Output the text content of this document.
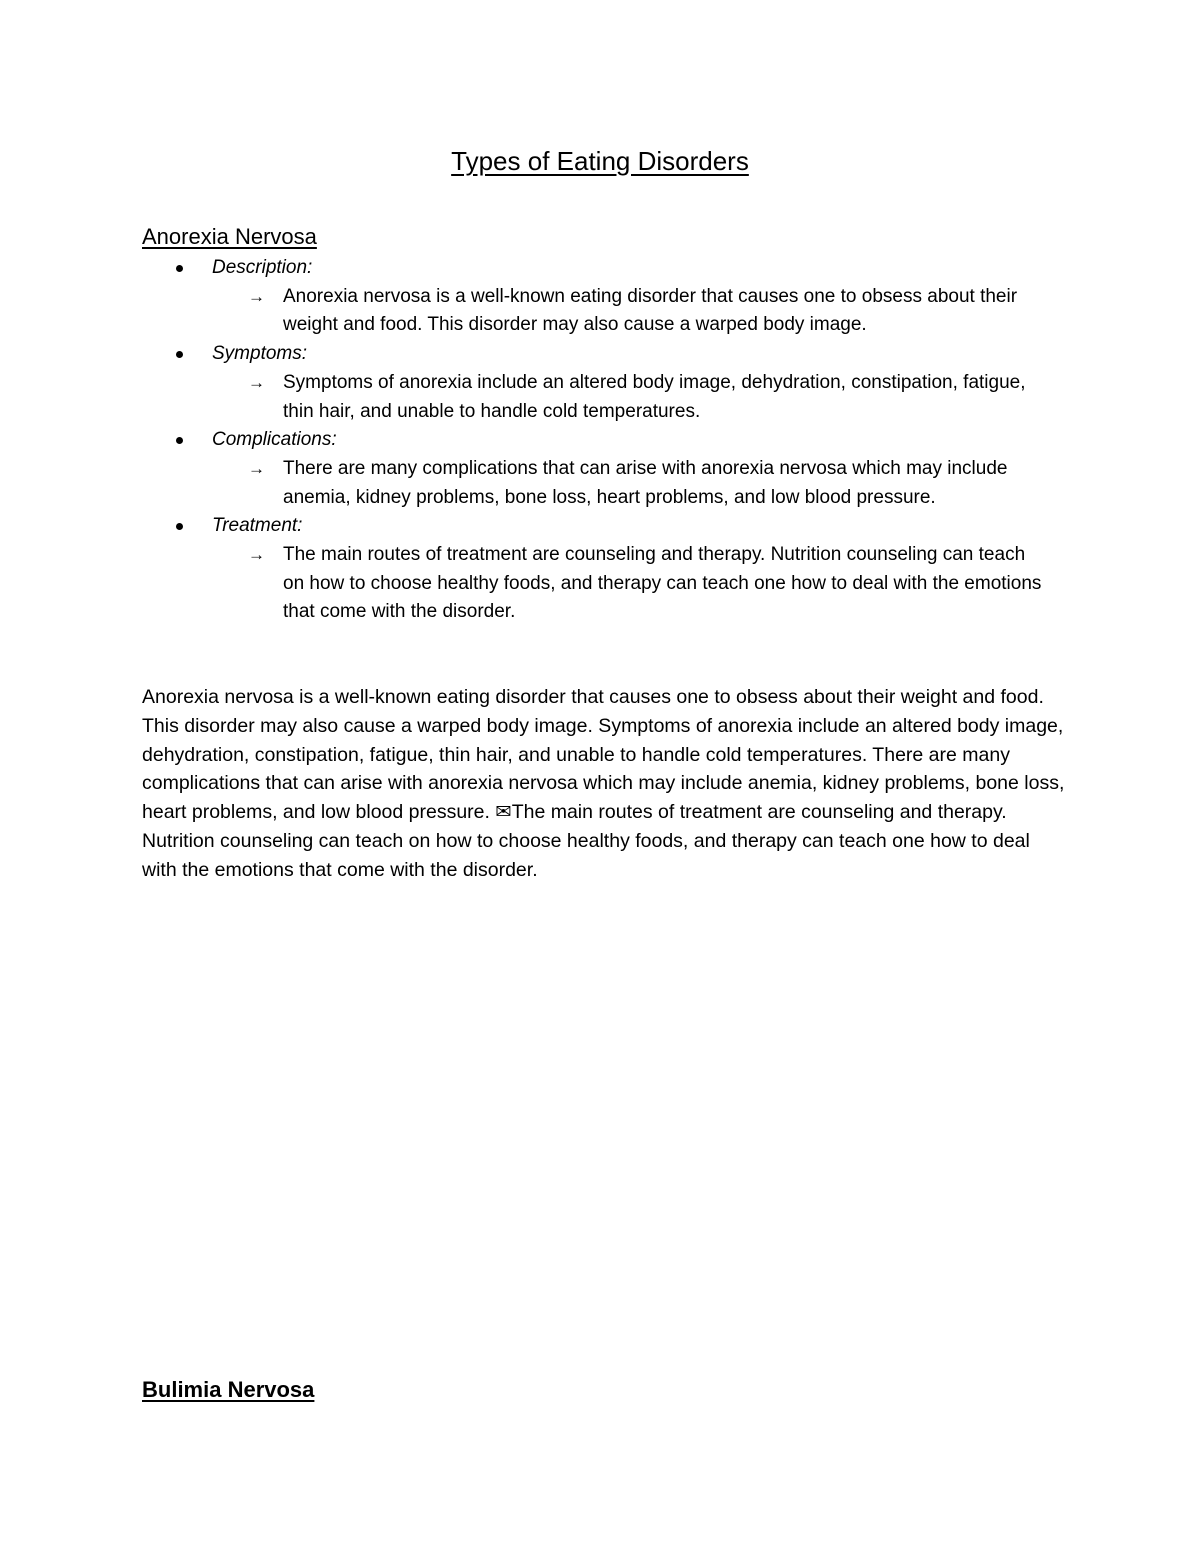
Types of Eating Disorders
Anorexia Nervosa
Description:
→ Anorexia nervosa is a well-known eating disorder that causes one to obsess about their weight and food. This disorder may also cause a warped body image.
Symptoms:
→ Symptoms of anorexia include an altered body image, dehydration, constipation, fatigue, thin hair, and unable to handle cold temperatures.
Complications:
→ There are many complications that can arise with anorexia nervosa which may include anemia, kidney problems, bone loss, heart problems, and low blood pressure.
Treatment:
→ The main routes of treatment are counseling and therapy. Nutrition counseling can teach on how to choose healthy foods, and therapy can teach one how to deal with the emotions that come with the disorder.

Anorexia nervosa is a well-known eating disorder that causes one to obsess about their weight and food. This disorder may also cause a warped body image. Symptoms of anorexia include an altered body image, dehydration, constipation, fatigue, thin hair, and unable to handle cold temperatures. There are many complications that can arise with anorexia nervosa which may include anemia, kidney problems, bone loss, heart problems, and low blood pressure. ✉The main routes of treatment are counseling and therapy. Nutrition counseling can teach on how to choose healthy foods, and therapy can teach one how to deal with the emotions that come with the disorder.

Bulimia Nervosa
